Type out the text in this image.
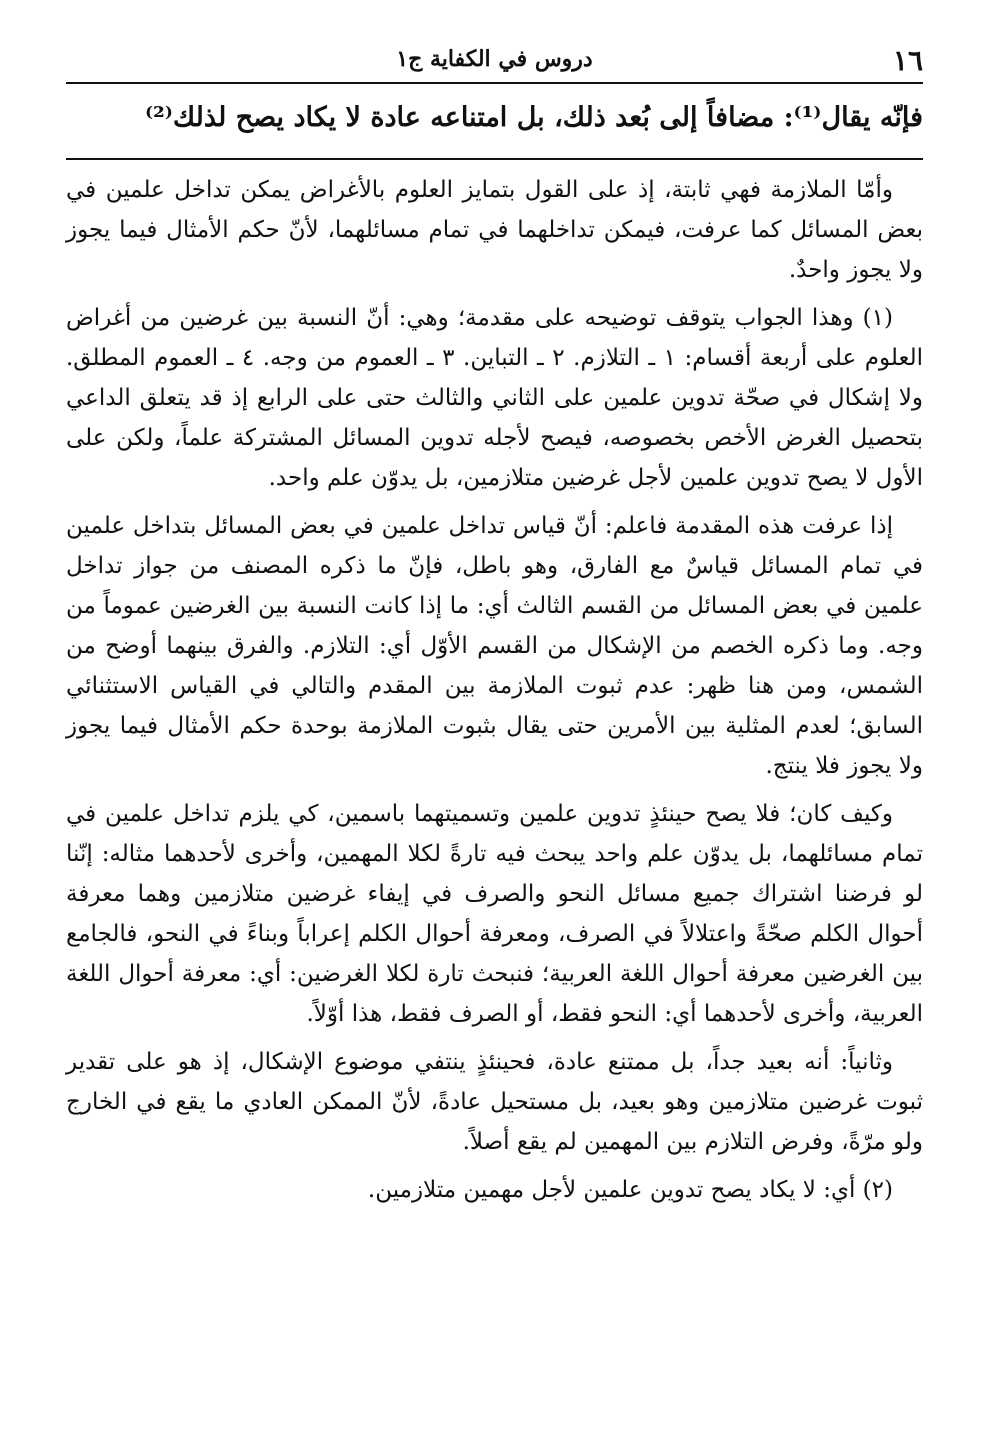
١٦
دروس في الكفاية ج١
فإنّه يقال⁽¹⁾: مضافاً إلى بُعد ذلك، بل امتناعه عادة لا يكاد يصح لذلك⁽²⁾

وأمّا الملازمة فهي ثابتة، إذ على القول بتمايز العلوم بالأغراض يمكن تداخل علمين في بعض المسائل كما عرفت، فيمكن تداخلهما في تمام مسائلهما، لأنّ حكم الأمثال فيما يجوز ولا يجوز واحدٌ.

(١) وهذا الجواب يتوقف توضيحه على مقدمة؛ وهي: أنّ النسبة بين غرضين من أغراض العلوم على أربعة أقسام: ١ ـ التلازم. ٢ ـ التباين. ٣ ـ العموم من وجه. ٤ ـ العموم المطلق. ولا إشكال في صحّة تدوين علمين على الثاني والثالث حتى على الرابع إذ قد يتعلق الداعي بتحصيل الغرض الأخص بخصوصه، فيصح لأجله تدوين المسائل المشتركة علماً، ولكن على الأول لا يصح تدوين علمين لأجل غرضين متلازمين، بل يدوّن علم واحد.

إذا عرفت هذه المقدمة فاعلم: أنّ قياس تداخل علمين في بعض المسائل بتداخل علمين في تمام المسائل قياسٌ مع الفارق، وهو باطل، فإنّ ما ذكره المصنف من جواز تداخل علمين في بعض المسائل من القسم الثالث أي: ما إذا كانت النسبة بين الغرضين عموماً من وجه. وما ذكره الخصم من الإشكال من القسم الأوّل أي: التلازم. والفرق بينهما أوضح من الشمس، ومن هنا ظهر: عدم ثبوت الملازمة بين المقدم والتالي في القياس الاستثنائي السابق؛ لعدم المثلية بين الأمرين حتى يقال بثبوت الملازمة بوحدة حكم الأمثال فيما يجوز ولا يجوز فلا ينتج.

وكيف كان؛ فلا يصح حينئذٍ تدوين علمين وتسميتهما باسمين، كي يلزم تداخل علمين في تمام مسائلهما، بل يدوّن علم واحد يبحث فيه تارةً لكلا المهمين، وأخرى لأحدهما مثاله: إنّنا لو فرضنا اشتراك جميع مسائل النحو والصرف في إيفاء غرضين متلازمين وهما معرفة أحوال الكلم صحّةً واعتلالاً في الصرف، ومعرفة أحوال الكلم إعراباً وبناءً في النحو، فالجامع بين الغرضين معرفة أحوال اللغة العربية؛ فنبحث تارة لكلا الغرضين: أي: معرفة أحوال اللغة العربية، وأخرى لأحدهما أي: النحو فقط، أو الصرف فقط، هذا أوّلاً.

وثانياً: أنه بعيد جداً، بل ممتنع عادة، فحينئذٍ ينتفي موضوع الإشكال، إذ هو على تقدير ثبوت غرضين متلازمين وهو بعيد، بل مستحيل عادةً، لأنّ الممكن العادي ما يقع في الخارج ولو مرّةً، وفرض التلازم بين المهمين لم يقع أصلاً.

(٢) أي: لا يكاد يصح تدوين علمين لأجل مهمين متلازمين.
